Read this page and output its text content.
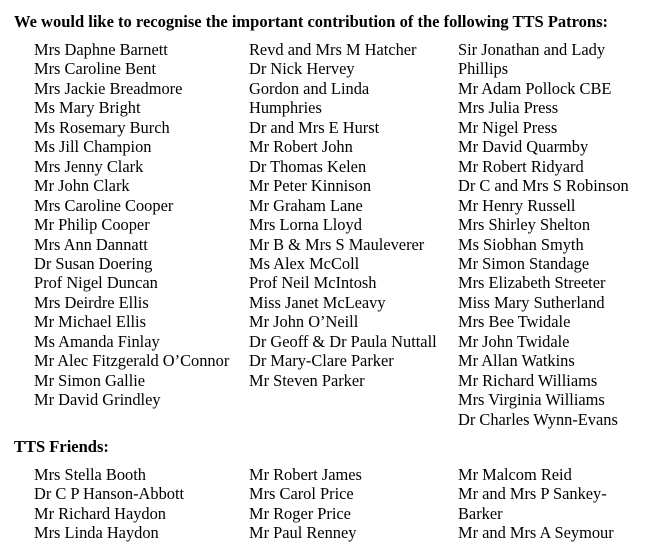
We would like to recognise the important contribution of the following TTS Patrons:
Mrs Daphne Barnett
Mrs Caroline Bent
Mrs Jackie Breadmore
Ms Mary Bright
Ms Rosemary Burch
Ms Jill Champion
Mrs Jenny Clark
Mr John Clark
Mrs Caroline Cooper
Mr Philip Cooper
Mrs Ann Dannatt
Dr Susan Doering
Prof Nigel Duncan
Mrs Deirdre Ellis
Mr Michael Ellis
Ms Amanda Finlay
Mr Alec Fitzgerald O’Connor
Mr Simon Gallie
Mr David Grindley
Revd and Mrs M Hatcher
Dr Nick Hervey
Gordon and Linda
Humphries
Dr and Mrs E Hurst
Mr Robert John
Dr Thomas Kelen
Mr Peter Kinnison
Mr Graham Lane
Mrs Lorna Lloyd
Mr B & Mrs S Mauleverer
Ms Alex McColl
Prof Neil McIntosh
Miss Janet McLeavy
Mr John O’Neill
Dr Geoff & Dr Paula Nuttall
Dr Mary-Clare Parker
Mr Steven Parker
Sir Jonathan and Lady
Phillips
Mr Adam Pollock CBE
Mrs Julia Press
Mr Nigel Press
Mr David Quarmby
Mr Robert Ridyard
Dr C and Mrs S Robinson
Mr Henry Russell
Mrs Shirley Shelton
Ms Siobhan Smyth
Mr Simon Standage
Mrs Elizabeth Streeter
Miss Mary Sutherland
Mrs Bee Twidale
Mr John Twidale
Mr Allan Watkins
Mr Richard Williams
Mrs Virginia Williams
Dr Charles Wynn-Evans
TTS Friends:
Mrs Stella Booth
Dr C P Hanson-Abbott
Mr Richard Haydon
Mrs Linda Haydon
Mr Robert James
Mrs Carol Price
Mr Roger Price
Mr Paul Renney
Mr Malcom Reid
Mr and Mrs P Sankey-
Barker
Mr and Mrs A Seymour
